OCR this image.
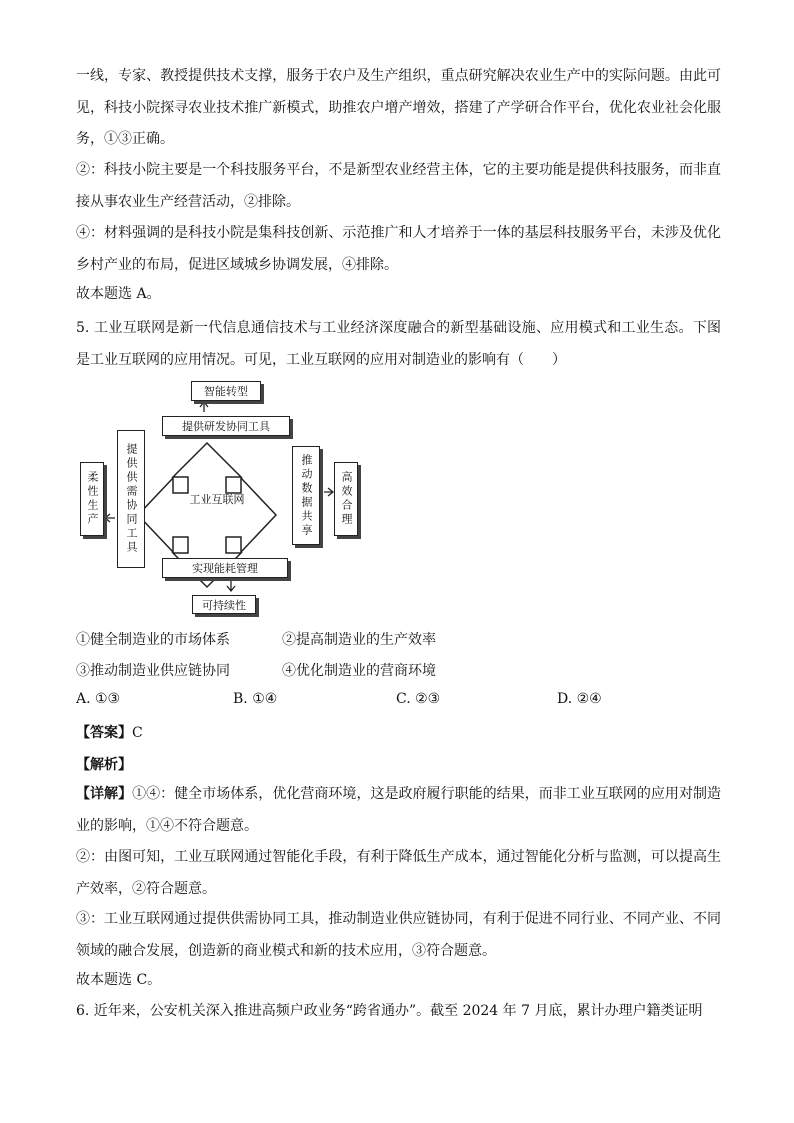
一线，专家、教授提供技术支撑，服务于农户及生产组织，重点研究解决农业生产中的实际问题。由此可见，科技小院探寻农业技术推广新模式，助推农户增产增效，搭建了产学研合作平台，优化农业社会化服务，①③正确。
②：科技小院主要是一个科技服务平台，不是新型农业经营主体，它的主要功能是提供科技服务，而非直接从事农业生产经营活动，②排除。
④：材料强调的是科技小院是集科技创新、示范推广和人才培养于一体的基层科技服务平台，未涉及优化乡村产业的布局，促进区域城乡协调发展，④排除。
故本题选 A。
5. 工业互联网是新一代信息通信技术与工业经济深度融合的新型基础设施、应用模式和工业生态。下图是工业互联网的应用情况。可见，工业互联网的应用对制造业的影响有（　　）
智能转型
提供研发协同工具
柔性生产	提供供需协同工具	工业互联网	推动数据共享	高效合理
实现能耗管理
可持续性
①健全制造业的市场体系	②提高制造业的生产效率
③推动制造业供应链协同	④优化制造业的营商环境
A. ①③	B. ①④	C. ②③	D. ②④
【答案】C
【解析】
【详解】①④：健全市场体系，优化营商环境，这是政府履行职能的结果，而非工业互联网的应用对制造业的影响，①④不符合题意。
②：由图可知，工业互联网通过智能化手段，有利于降低生产成本，通过智能化分析与监测，可以提高生产效率，②符合题意。
③：工业互联网通过提供供需协同工具，推动制造业供应链协同，有利于促进不同行业、不同产业、不同领域的融合发展，创造新的商业模式和新的技术应用，③符合题意。
故本题选 C。
6. 近年来，公安机关深入推进高频户政业务“跨省通办”。截至 2024 年 7 月底，累计办理户籍类证明
